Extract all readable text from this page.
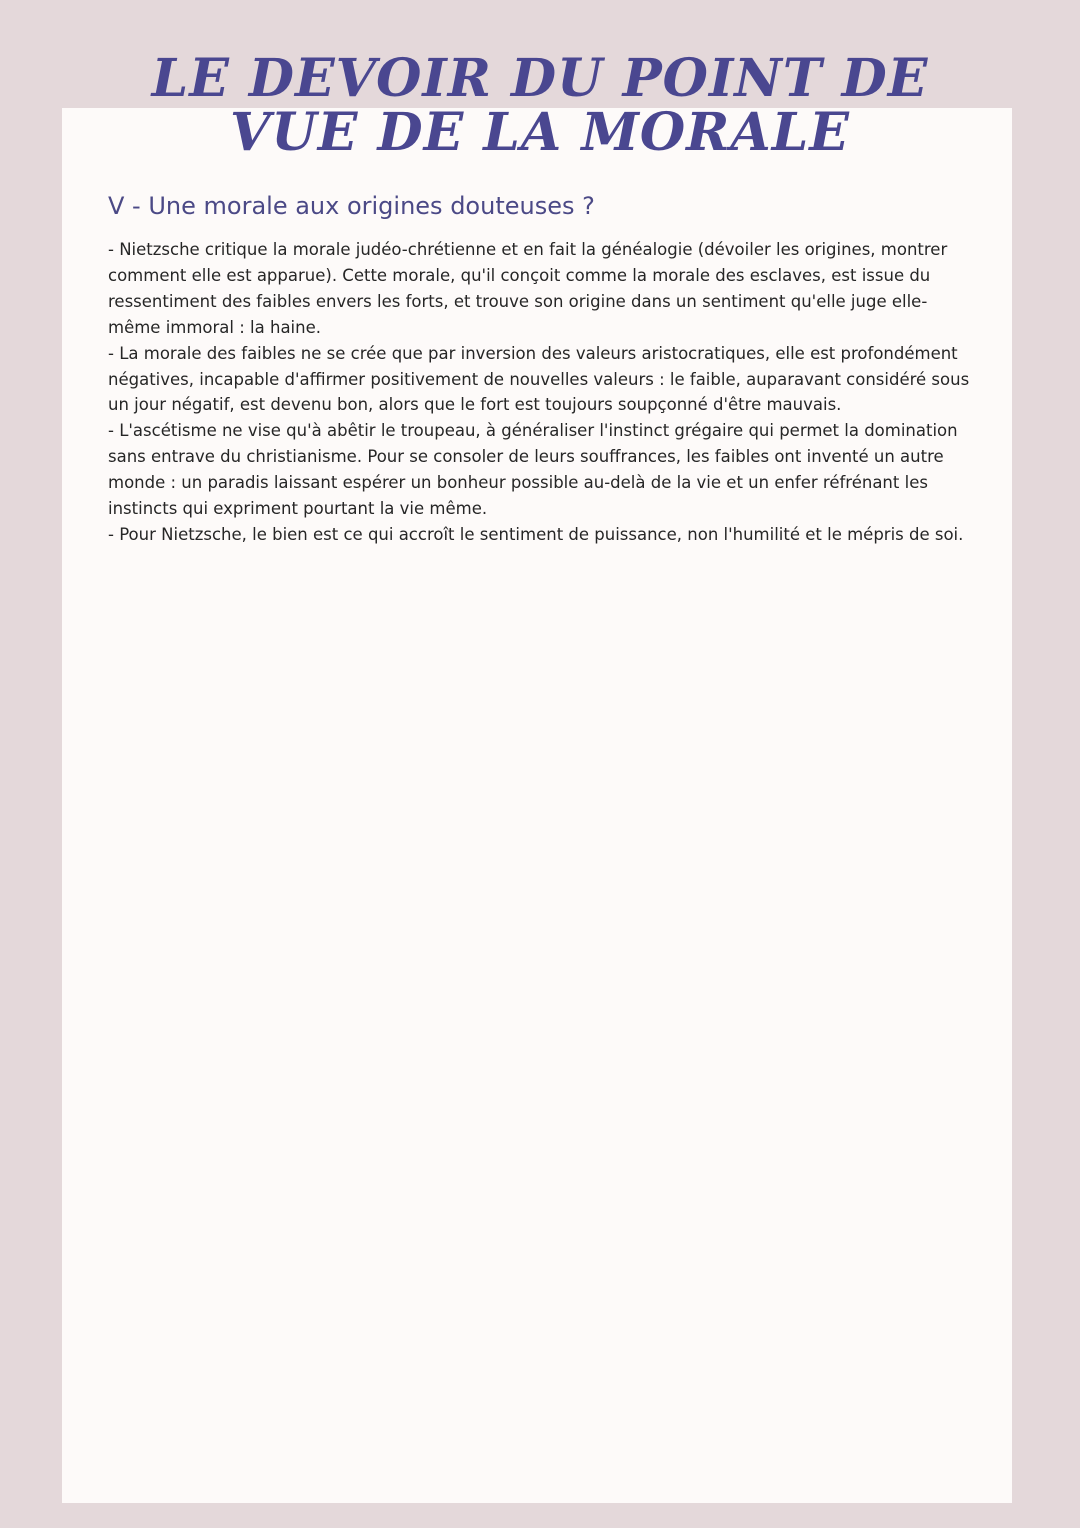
LE DEVOIR DU POINT DE
VUE DE LA MORALE
V - Une morale aux origines douteuses ?

- Nietzsche critique la morale judéo-chrétienne et en fait la généalogie (dévoiler les origines, montrer comment elle est apparue). Cette morale, qu'il conçoit comme la morale des esclaves, est issue du ressentiment des faibles envers les forts, et trouve son origine dans un sentiment qu'elle juge elle-même immoral : la haine.

- La morale des faibles ne se crée que par inversion des valeurs aristocratiques, elle est profondément négatives, incapable d'affirmer positivement de nouvelles valeurs : le faible, auparavant considéré sous un jour négatif, est devenu bon, alors que le fort est toujours soupçonné d'être mauvais.

- L'ascétisme ne vise qu'à abêtir le troupeau, à généraliser l'instinct grégaire qui permet la domination sans entrave du christianisme. Pour se consoler de leurs souffrances, les faibles ont inventé un autre monde : un paradis laissant espérer un bonheur possible au-delà de la vie et un enfer réfrénant les instincts qui expriment pourtant la vie même.

- Pour Nietzsche, le bien est ce qui accroît le sentiment de puissance, non l'humilité et le mépris de soi.
